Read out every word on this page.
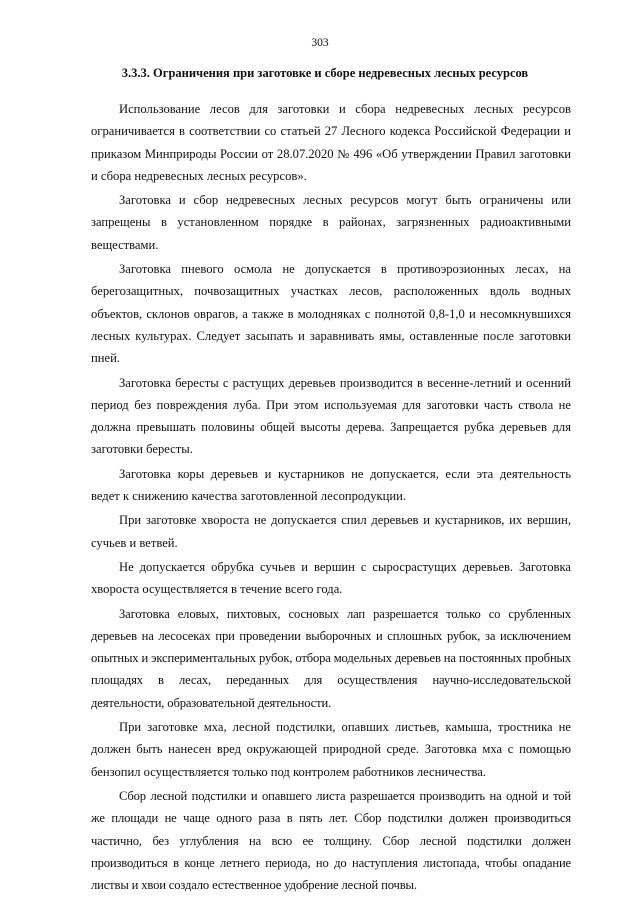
303
3.3.3. Ограничения при заготовке и сборе недревесных лесных ресурсов

Использование лесов для заготовки и сбора недревесных лесных ресурсов ограничивается в соответствии со статьей 27 Лесного кодекса Российской Федерации и приказом Минприроды России от 28.07.2020 № 496 «Об утверждении Правил заготовки и сбора недревесных лесных ресурсов».

Заготовка и сбор недревесных лесных ресурсов могут быть ограничены или запрещены в установленном порядке в районах, загрязненных радиоактивными веществами.

Заготовка пневого осмола не допускается в противоэрозионных лесах, на берегозащитных, почвозащитных участках лесов, расположенных вдоль водных объектов, склонов оврагов, а также в молодняках с полнотой 0,8-1,0 и несомкнувшихся лесных культурах. Следует засыпать и заравнивать ямы, оставленные после заготовки пней.

Заготовка бересты с растущих деревьев производится в весенне-летний и осенний период без повреждения луба. При этом используемая для заготовки часть ствола не должна превышать половины общей высоты дерева. Запрещается рубка деревьев для заготовки бересты.

Заготовка коры деревьев и кустарников не допускается, если эта деятельность ведет к снижению качества заготовленной лесопродукции.

При заготовке хвороста не допускается спил деревьев и кустарников, их вершин, сучьев и ветвей.

Не допускается обрубка сучьев и вершин с сыросрастущих деревьев. Заготовка хвороста осуществляется в течение всего года.

Заготовка еловых, пихтовых, сосновых лап разрешается только со срубленных деревьев на лесосеках при проведении выборочных и сплошных рубок, за исключением опытных и экспериментальных рубок, отбора модельных деревьев на постоянных пробных площадях в лесах, переданных для осуществления научно-исследовательской деятельности, образовательной деятельности.

При заготовке мха, лесной подстилки, опавших листьев, камыша, тростника не должен быть нанесен вред окружающей природной среде. Заготовка мха с помощью бензопил осуществляется только под контролем работников лесничества.

Сбор лесной подстилки и опавшего листа разрешается производить на одной и той же площади не чаще одного раза в пять лет. Сбор подстилки должен производиться частично, без углубления на всю ее толщину. Сбор лесной подстилки должен производиться в конце летнего периода, но до наступления листопада, чтобы опадание листвы и хвои создало естественное удобрение лесной почвы.
